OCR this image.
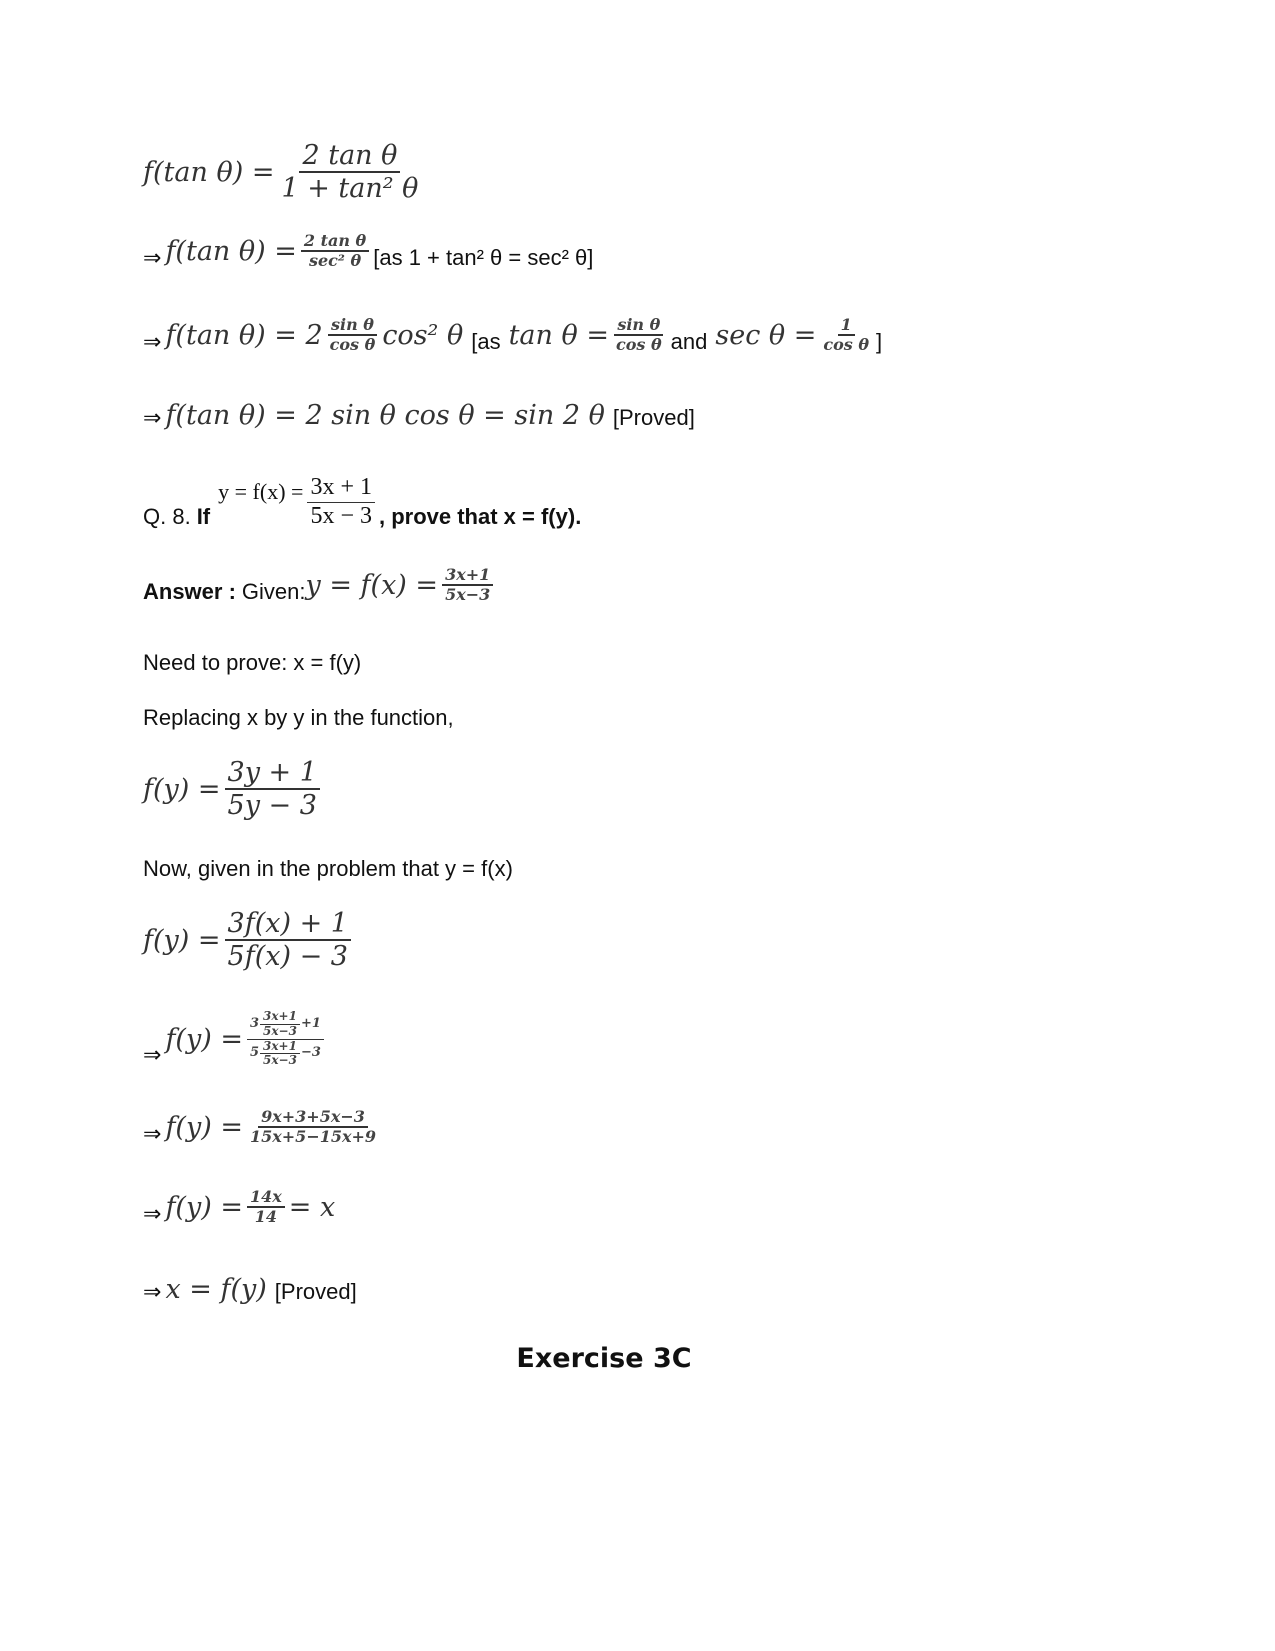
f(tan $\theta) = \frac{\text{2 tan θ}}{\text{1 + tan² θ}}$
⇒ f(tan $\theta) = \frac{\text{2 tan θ}}{\text{sec² θ}} [as$ 1 + tan² θ = sec² θ]
⇒ f(tan $\theta) = 2 \frac{\text{sin θ}}{\text{cos θ}} \cos^2$ θ [as $\tan \theta = \frac{\text{sin θ}}{\text{cos θ}}$ and $\sec \theta = \frac{1}{\text{cos θ}}$ ]
⇒ f(tan θ) = 2 sin θ cos θ = sin 2 θ [Proved]
Q. 8. If
$y = f(x) = \frac{3x + 1}{5x - 3}$ , prove that x = f(y).
Answer : Given: $y = f(x) = \frac{3x+1}{5x-3}$
Need to prove: x = f(y)
Replacing x by y in the function,
$f(y) = \frac{3y + 1}{5y - 3}$
Now, given in the problem that y = f(x)
$f(y) = \frac{3f(x) + 1}{5f(x) - 3}$
⇒
$f(y) = \frac{3 \frac{3x+1}{5x-3} +1}{5 \frac{3x+1}{5x-3} -3}$
⇒ $f(y) = \frac{9x+3+5x-3}{15x+5-15x+9}$
⇒ $f(y) = \frac{14x}{14} = x$
⇒ x = f(y) [Proved]
Exercise 3C
